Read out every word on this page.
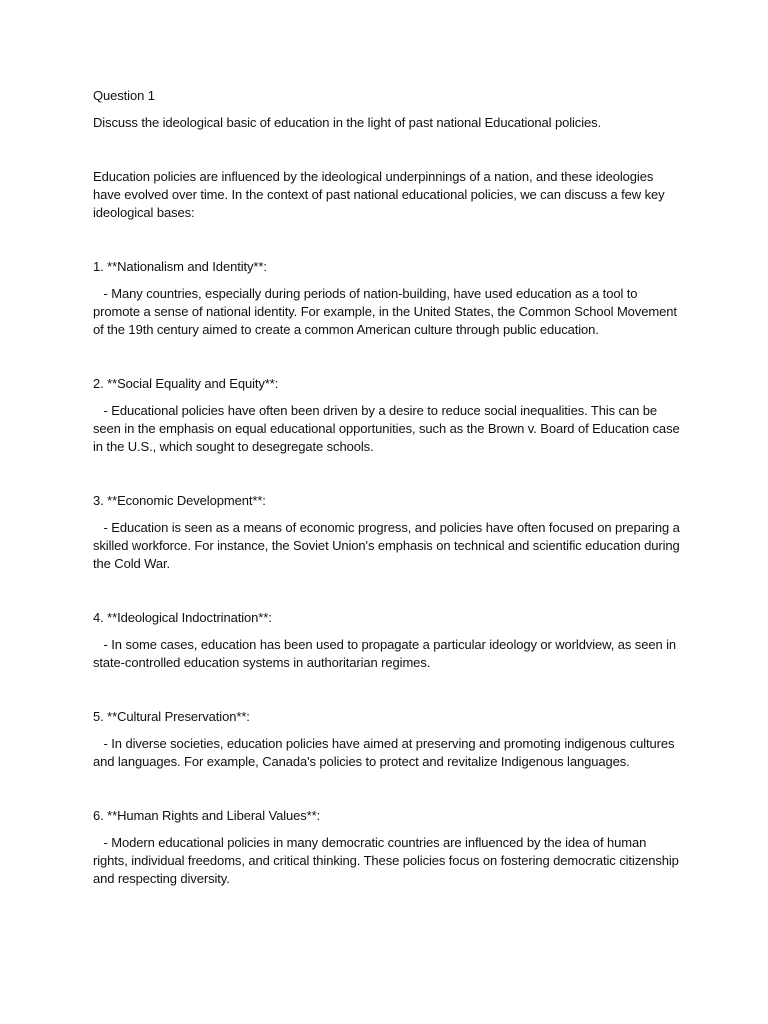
Question 1

Discuss the ideological basic of education in the light of past national Educational policies.

Education policies are influenced by the ideological underpinnings of a nation, and these ideologies have evolved over time. In the context of past national educational policies, we can discuss a few key ideological bases:

1. **Nationalism and Identity**:

- Many countries, especially during periods of nation-building, have used education as a tool to promote a sense of national identity. For example, in the United States, the Common School Movement of the 19th century aimed to create a common American culture through public education.

2. **Social Equality and Equity**:

- Educational policies have often been driven by a desire to reduce social inequalities. This can be seen in the emphasis on equal educational opportunities, such as the Brown v. Board of Education case in the U.S., which sought to desegregate schools.

3. **Economic Development**:

- Education is seen as a means of economic progress, and policies have often focused on preparing a skilled workforce. For instance, the Soviet Union's emphasis on technical and scientific education during the Cold War.

4. **Ideological Indoctrination**:

- In some cases, education has been used to propagate a particular ideology or worldview, as seen in state-controlled education systems in authoritarian regimes.

5. **Cultural Preservation**:

- In diverse societies, education policies have aimed at preserving and promoting indigenous cultures and languages. For example, Canada's policies to protect and revitalize Indigenous languages.

6. **Human Rights and Liberal Values**:

- Modern educational policies in many democratic countries are influenced by the idea of human rights, individual freedoms, and critical thinking. These policies focus on fostering democratic citizenship and respecting diversity.
